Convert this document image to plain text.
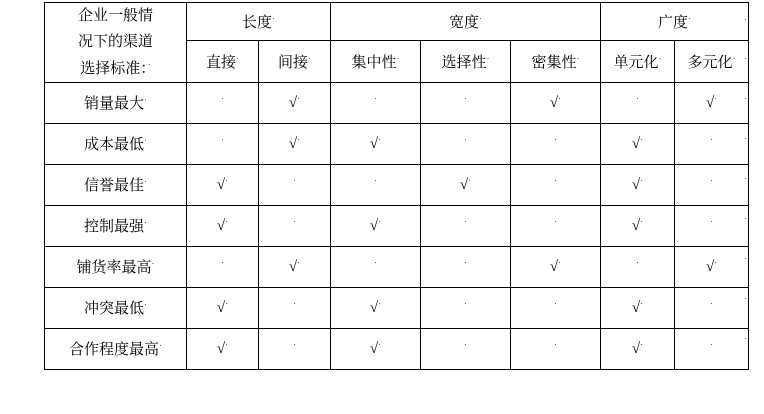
企业一般情
况下的渠道
选择标准：·	长度·		宽度·			广度·
	直接·	间接·	集中性·	选择性·	密集性·	单元化·	多元化·
销量最大·	·	√·	·	·	√·	·	√·
成本最低·	·	√·	√·	·	·	√·	·
信誉最佳·	√·	·	·	√·	·	√·	·
控制最强·	√·	·	√·	·	·	√·	·
铺货率最高·	·	√·	·	·	√·	·	√·
冲突最低·	√·	·	√·	·	·	√·	·
合作程度最高·	√·	·	√·	·	·	√·	·
·
·
·
·
·
·
·
·
·
